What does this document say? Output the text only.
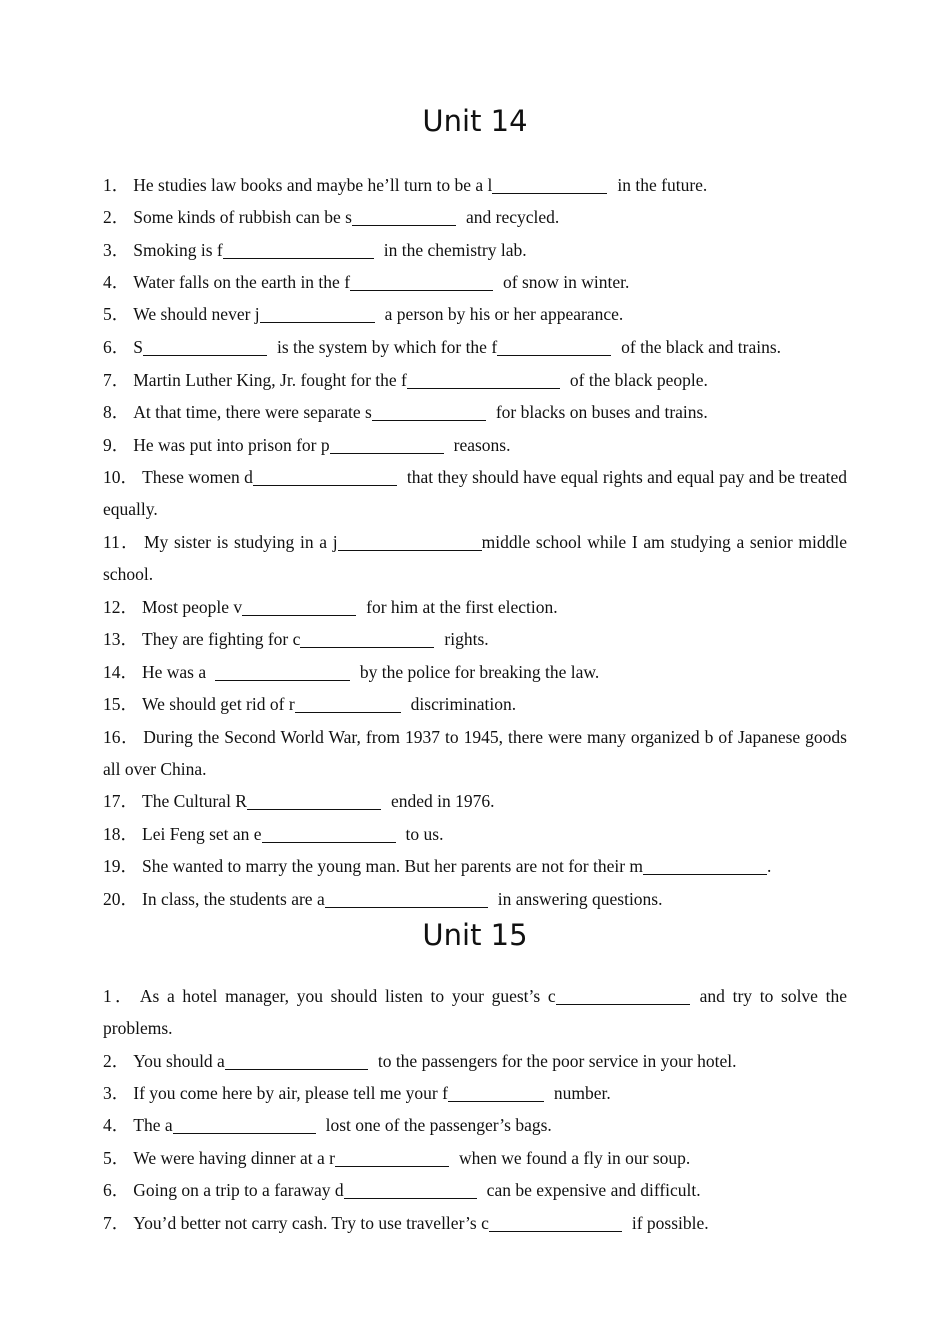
Unit 14
1． He studies law books and maybe he’ll turn to be a l	in the future.
2． Some kinds of rubbish can be s	and recycled.
3． Smoking is f	in the chemistry lab.
4． Water falls on the earth in the f	of snow in winter.
5． We should never j	a person by his or her appearance.
6． S	is the system by which for the f	of the black and trains.
7． Martin Luther King, Jr. fought for the f	of the black people.
8． At that time, there were separate s	for blacks on buses and trains.
9． He was put into prison for p	reasons.
10． These women d	that they should have equal rights and equal pay and be treated equally.
11． My sister is studying in a j	middle school while I am studying a senior middle school.
12． Most people v	for him at the first election.
13． They are fighting for c	rights.
14． He was a	by the police for breaking the law.
15． We should get rid of r	discrimination.
16． During the Second World War, from 1937 to 1945, there were many organized b of Japanese goods all over China.
17． The Cultural R	ended in 1976.
18． Lei Feng set an e	to us.
19． She wanted to marry the young man. But her parents are not for their m	.
20． In class, the students are a	in answering questions.
Unit 15
1． As a hotel manager, you should listen to your guest’s c	and try to solve the problems.
2． You should a	to the passengers for the poor service in your hotel.
3． If you come here by air, please tell me your f	number.
4． The a	lost one of the passenger’s bags.
5． We were having dinner at a r	when we found a fly in our soup.
6． Going on a trip to a faraway d	can be expensive and difficult.
7． You’d better not carry cash. Try to use traveller’s c	if possible.
